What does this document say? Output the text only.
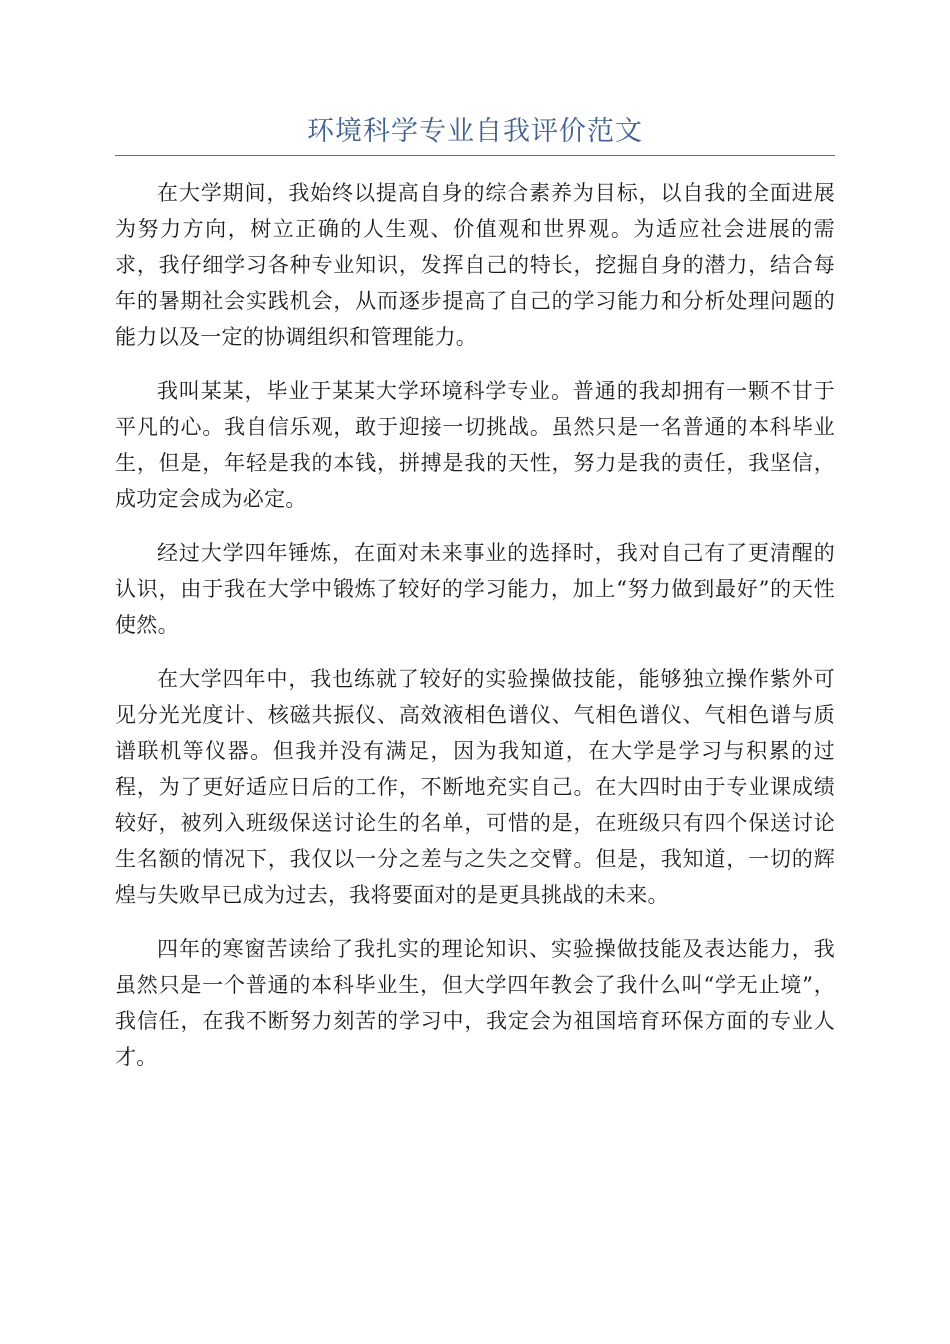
环境科学专业自我评价范文

在大学期间，我始终以提高自身的综合素养为目标，以自我的全面进展为努力方向，树立正确的人生观、价值观和世界观。为适应社会进展的需求，我仔细学习各种专业知识，发挥自己的特长，挖掘自身的潜力，结合每年的暑期社会实践机会，从而逐步提高了自己的学习能力和分析处理问题的能力以及一定的协调组织和管理能力。

我叫某某，毕业于某某大学环境科学专业。普通的我却拥有一颗不甘于平凡的心。我自信乐观，敢于迎接一切挑战。虽然只是一名普通的本科毕业生，但是，年轻是我的本钱，拼搏是我的天性，努力是我的责任，我坚信，成功定会成为必定。

经过大学四年锤炼，在面对未来事业的选择时，我对自己有了更清醒的认识，由于我在大学中锻炼了较好的学习能力，加上“努力做到最好”的天性使然。

在大学四年中，我也练就了较好的实验操做技能，能够独立操作紫外可见分光光度计、核磁共振仪、高效液相色谱仪、气相色谱仪、气相色谱与质谱联机等仪器。但我并没有满足，因为我知道，在大学是学习与积累的过程，为了更好适应日后的工作，不断地充实自己。在大四时由于专业课成绩较好，被列入班级保送讨论生的名单，可惜的是，在班级只有四个保送讨论生名额的情况下，我仅以一分之差与之失之交臂。但是，我知道，一切的辉煌与失败早已成为过去，我将要面对的是更具挑战的未来。

四年的寒窗苦读给了我扎实的理论知识、实验操做技能及表达能力，我虽然只是一个普通的本科毕业生，但大学四年教会了我什么叫“学无止境”，我信任，在我不断努力刻苦的学习中，我定会为祖国培育环保方面的专业人才。
